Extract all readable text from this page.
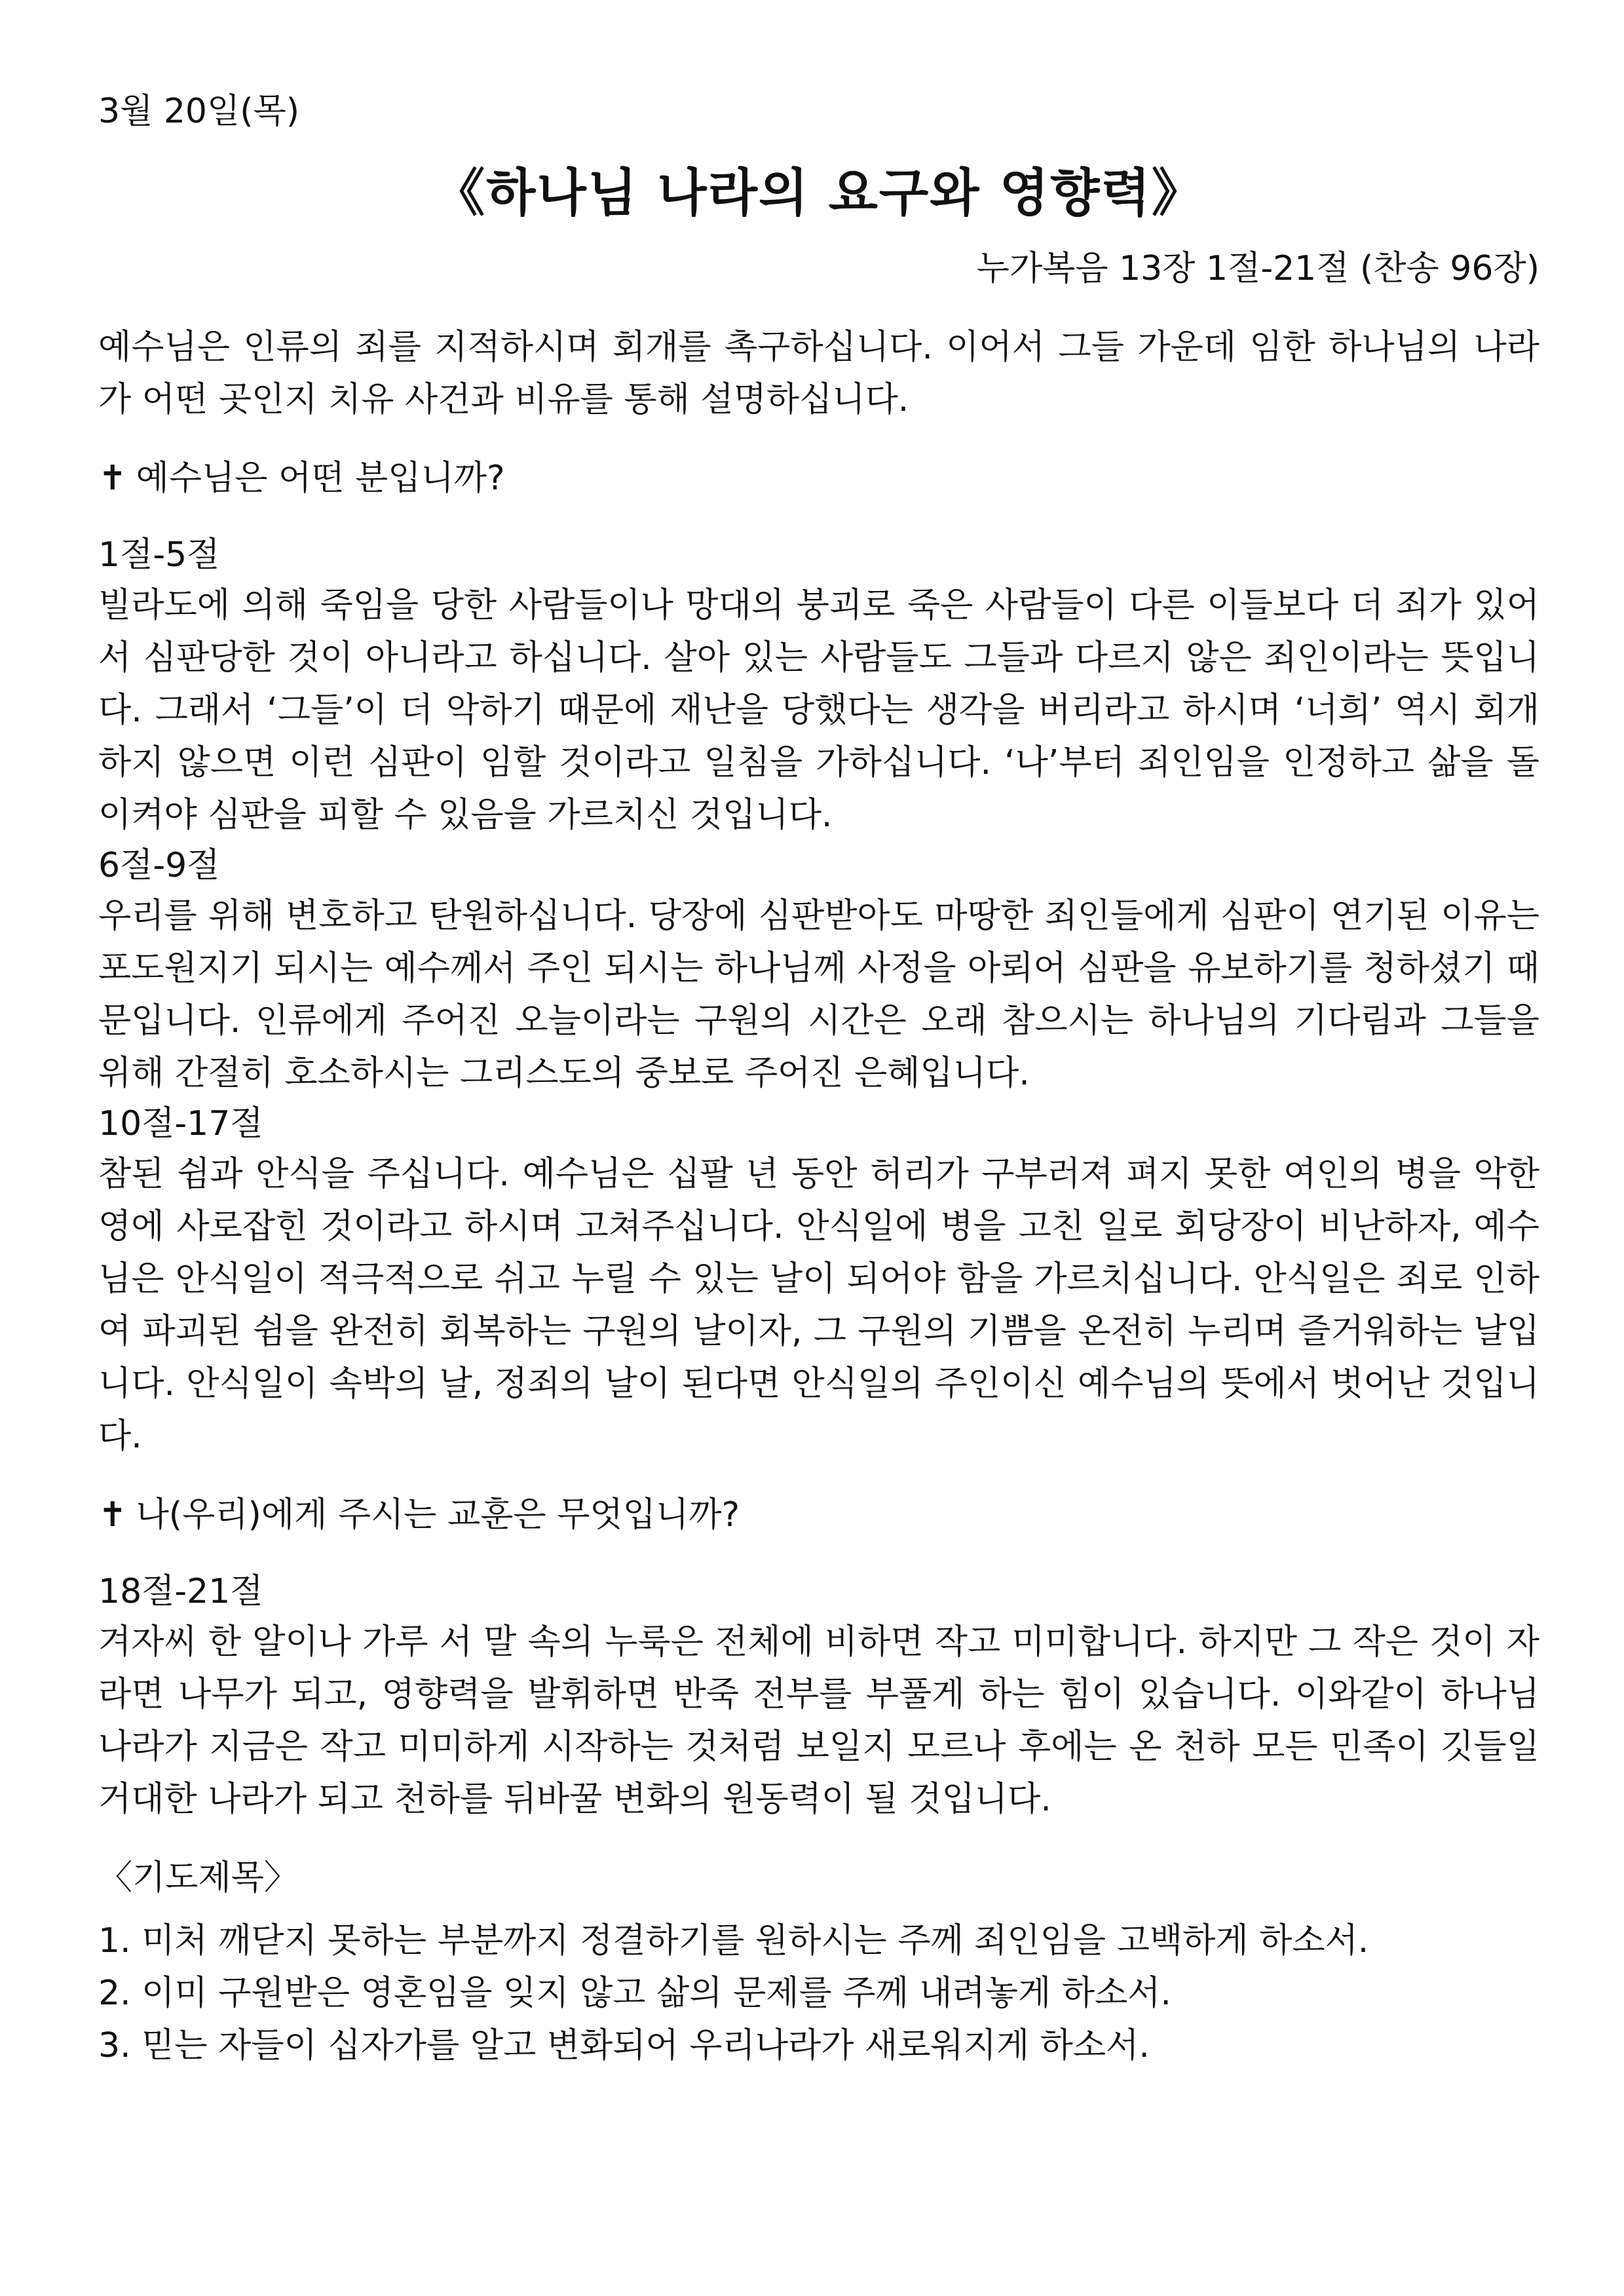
3월 20일(목)
《하나님 나라의 요구와 영향력》
누가복음 13장 1절-21절 (찬송 96장)
예수님은 인류의 죄를 지적하시며 회개를 촉구하십니다. 이어서 그들 가운데 임한 하나님의 나라가 어떤 곳인지 치유 사건과 비유를 통해 설명하십니다.
✝ 예수님은 어떤 분입니까?
1절-5절
빌라도에 의해 죽임을 당한 사람들이나 망대의 붕괴로 죽은 사람들이 다른 이들보다 더 죄가 있어서 심판당한 것이 아니라고 하십니다. 살아 있는 사람들도 그들과 다르지 않은 죄인이라는 뜻입니다. 그래서 ‘그들’이 더 악하기 때문에 재난을 당했다는 생각을 버리라고 하시며 ‘너희’ 역시 회개하지 않으면 이런 심판이 임할 것이라고 일침을 가하십니다. ‘나’부터 죄인임을 인정하고 삶을 돌이켜야 심판을 피할 수 있음을 가르치신 것입니다.
6절-9절
우리를 위해 변호하고 탄원하십니다. 당장에 심판받아도 마땅한 죄인들에게 심판이 연기된 이유는 포도원지기 되시는 예수께서 주인 되시는 하나님께 사정을 아뢰어 심판을 유보하기를 청하셨기 때문입니다. 인류에게 주어진 오늘이라는 구원의 시간은 오래 참으시는 하나님의 기다림과 그들을 위해 간절히 호소하시는 그리스도의 중보로 주어진 은혜입니다.
10절-17절
참된 쉼과 안식을 주십니다. 예수님은 십팔 년 동안 허리가 구부러져 펴지 못한 여인의 병을 악한 영에 사로잡힌 것이라고 하시며 고쳐주십니다. 안식일에 병을 고친 일로 회당장이 비난하자, 예수님은 안식일이 적극적으로 쉬고 누릴 수 있는 날이 되어야 함을 가르치십니다. 안식일은 죄로 인하여 파괴된 쉼을 완전히 회복하는 구원의 날이자, 그 구원의 기쁨을 온전히 누리며 즐거워하는 날입니다. 안식일이 속박의 날, 정죄의 날이 된다면 안식일의 주인이신 예수님의 뜻에서 벗어난 것입니다.
✝ 나(우리)에게 주시는 교훈은 무엇입니까?
18절-21절
겨자씨 한 알이나 가루 서 말 속의 누룩은 전체에 비하면 작고 미미합니다. 하지만 그 작은 것이 자라면 나무가 되고, 영향력을 발휘하면 반죽 전부를 부풀게 하는 힘이 있습니다. 이와같이 하나님 나라가 지금은 작고 미미하게 시작하는 것처럼 보일지 모르나 후에는 온 천하 모든 민족이 깃들일 거대한 나라가 되고 천하를 뒤바꿀 변화의 원동력이 될 것입니다.
〈기도제목〉
1. 미처 깨닫지 못하는 부분까지 정결하기를 원하시는 주께 죄인임을 고백하게 하소서.
2. 이미 구원받은 영혼임을 잊지 않고 삶의 문제를 주께 내려놓게 하소서.
3. 믿는 자들이 십자가를 알고 변화되어 우리나라가 새로워지게 하소서.
